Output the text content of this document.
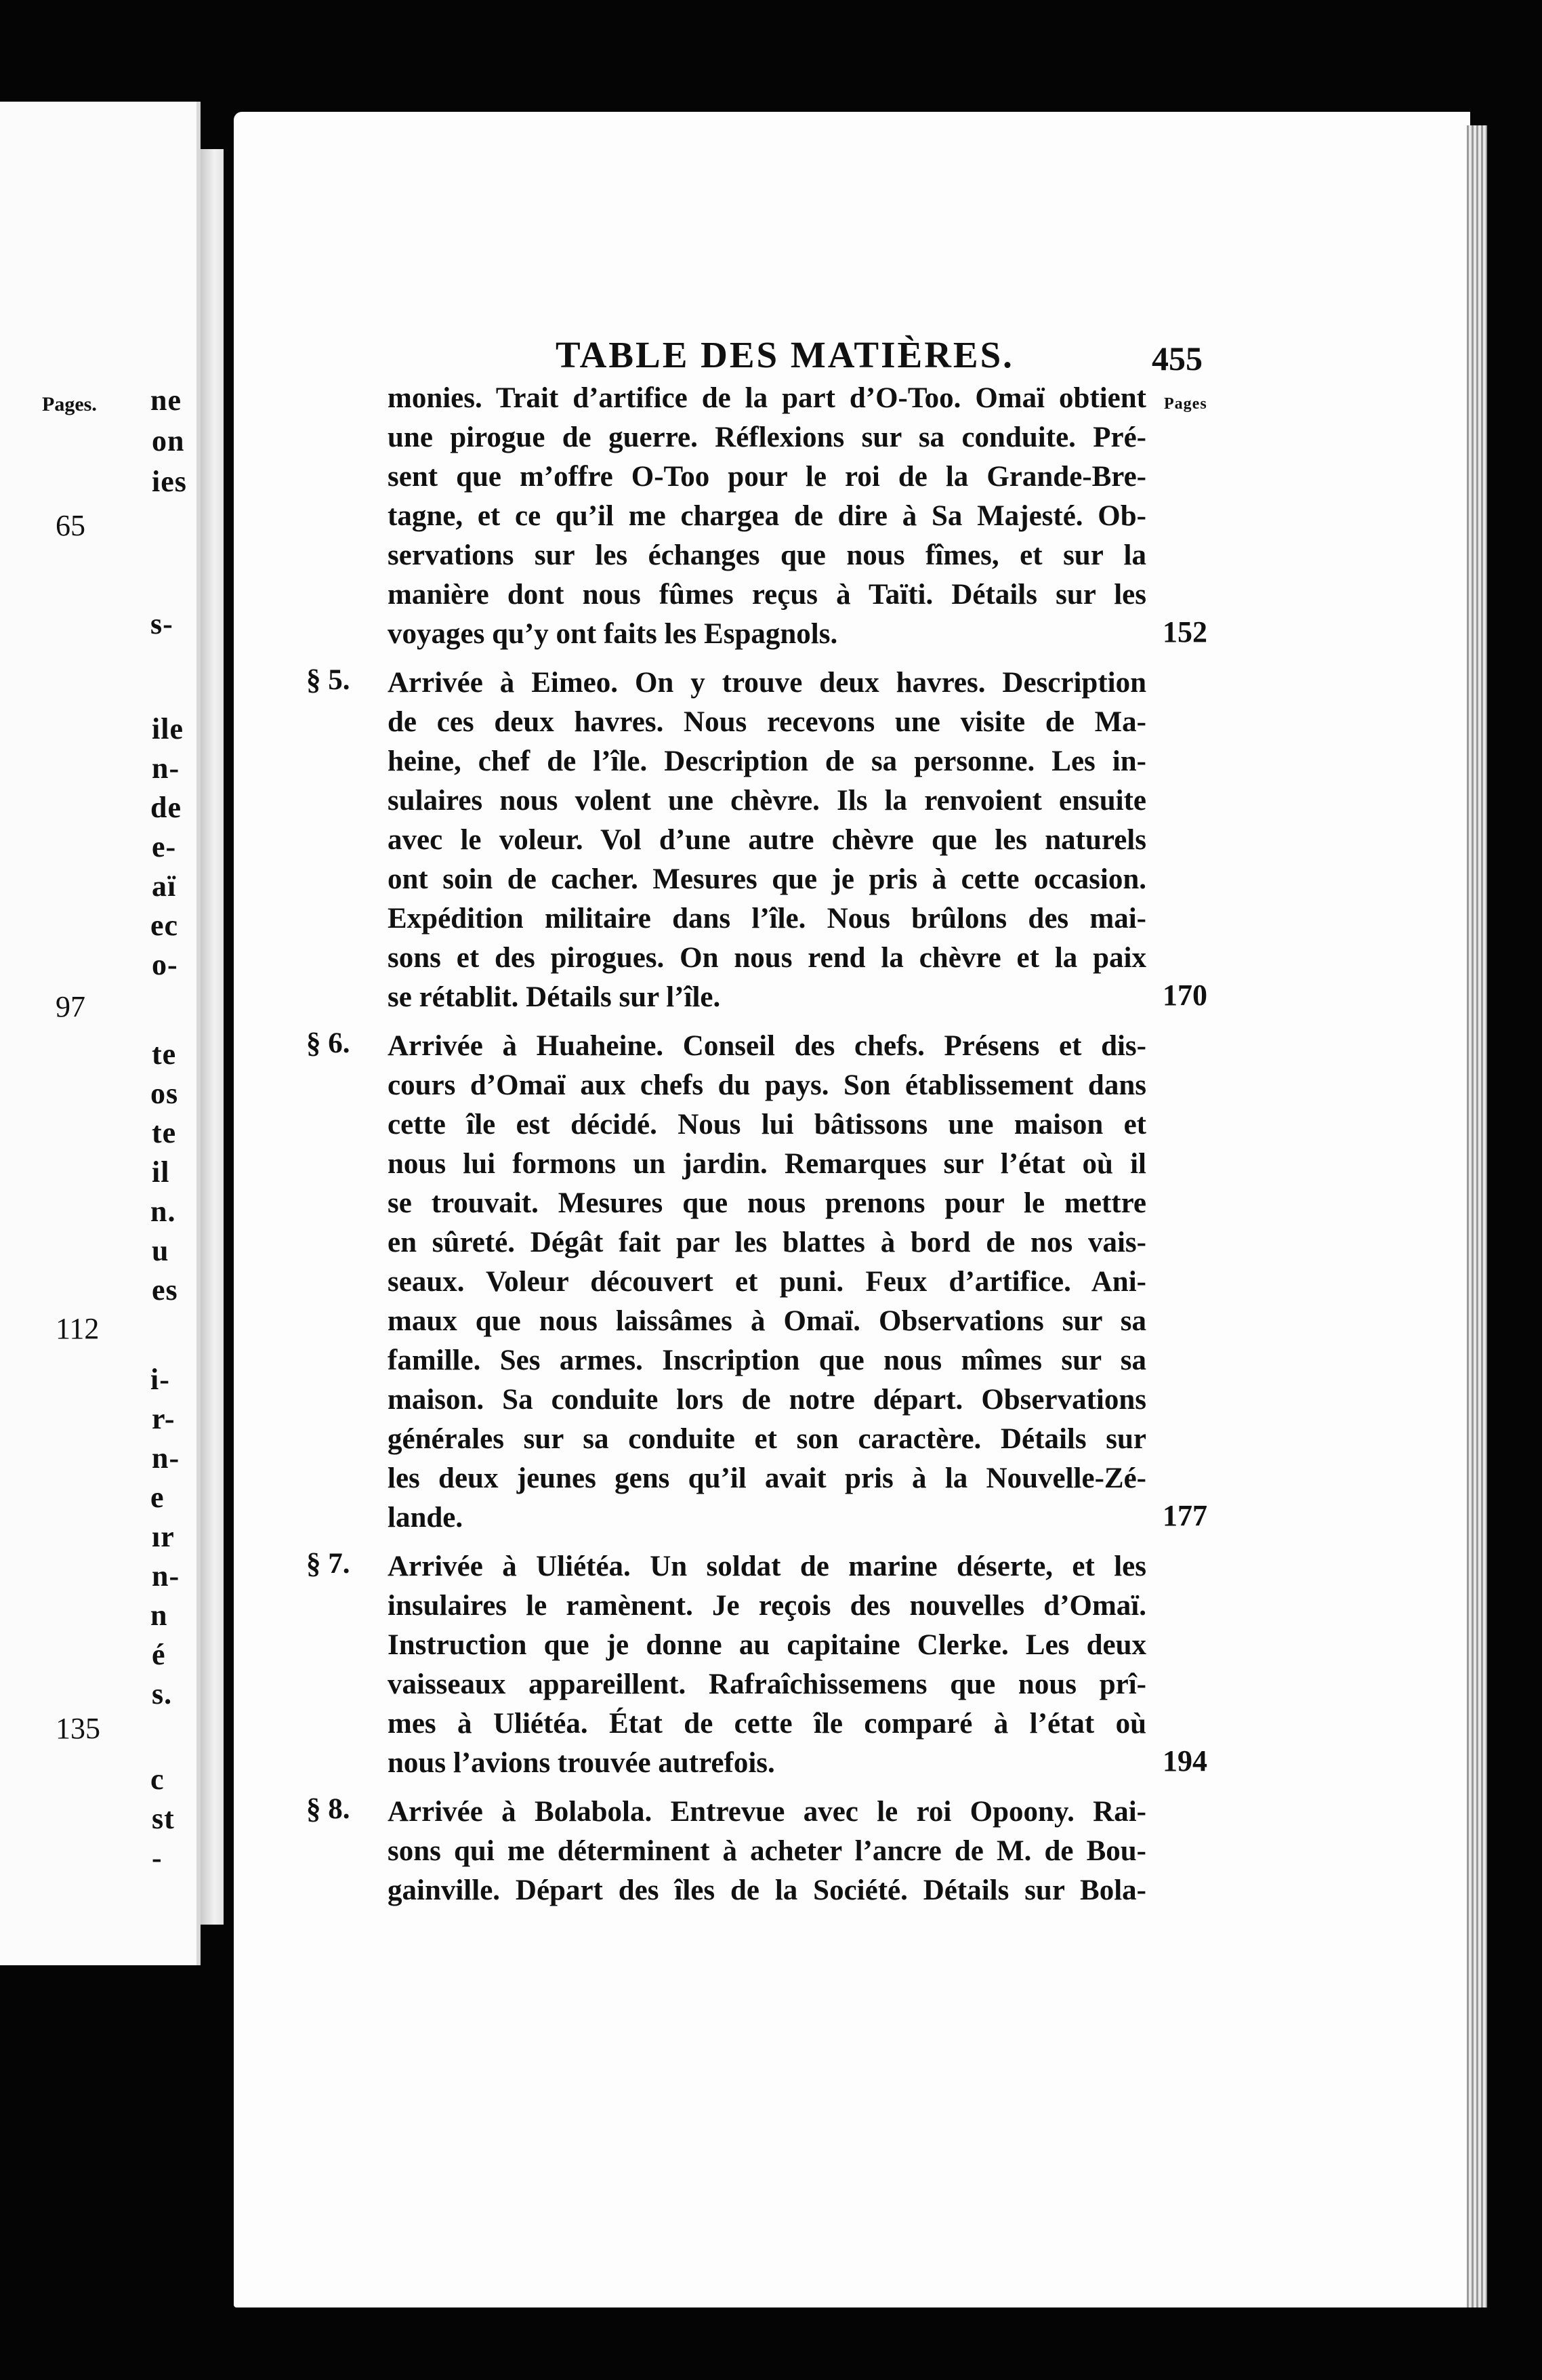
Pages. ne
on
ies
s-
ile
n-
de
e-
aï
ec
o-
te
os
te
il
n.
u
es
i-
r-
n-
e
ır
n-
n
é
s.
c
st
-
65
97
112
135
TABLE DES MATIÈRES.	455
Pages
monies. Trait d’artifice de la part d’O-Too. Omaï obtient
une pirogue de guerre. Réflexions sur sa conduite. Pré-
sent que m’offre O-Too pour le roi de la Grande-Bre-
tagne, et ce qu’il me chargea de dire à Sa Majesté. Ob-
servations sur les échanges que nous fîmes, et sur la
manière dont nous fûmes reçus à Taïti. Détails sur les
voyages qu’y ont faits les Espagnols.	152
§ 5. Arrivée à Eimeo. On y trouve deux havres. Description
de ces deux havres. Nous recevons une visite de Ma-
heine, chef de l’île. Description de sa personne. Les in-
sulaires nous volent une chèvre. Ils la renvoient ensuite
avec le voleur. Vol d’une autre chèvre que les naturels
ont soin de cacher. Mesures que je pris à cette occasion.
Expédition militaire dans l’île. Nous brûlons des mai-
sons et des pirogues. On nous rend la chèvre et la paix
se rétablit. Détails sur l’île.	170
§ 6. Arrivée à Huaheine. Conseil des chefs. Présens et dis-
cours d’Omaï aux chefs du pays. Son établissement dans
cette île est décidé. Nous lui bâtissons une maison et
nous lui formons un jardin. Remarques sur l’état où il
se trouvait. Mesures que nous prenons pour le mettre
en sûreté. Dégât fait par les blattes à bord de nos vais-
seaux. Voleur découvert et puni. Feux d’artifice. Ani-
maux que nous laissâmes à Omaï. Observations sur sa
famille. Ses armes. Inscription que nous mîmes sur sa
maison. Sa conduite lors de notre départ. Observations
générales sur sa conduite et son caractère. Détails sur
les deux jeunes gens qu’il avait pris à la Nouvelle-Zé-
lande.	177
§ 7. Arrivée à Uliétéa. Un soldat de marine déserte, et les
insulaires le ramènent. Je reçois des nouvelles d’Omaï.
Instruction que je donne au capitaine Clerke. Les deux
vaisseaux appareillent. Rafraîchissemens que nous prî-
mes à Uliétéa. État de cette île comparé à l’état où
nous l’avions trouvée autrefois.	194
§ 8. Arrivée à Bolabola. Entrevue avec le roi Opoony. Rai-
sons qui me déterminent à acheter l’ancre de M. de Bou-
gainville. Départ des îles de la Société. Détails sur Bola-
